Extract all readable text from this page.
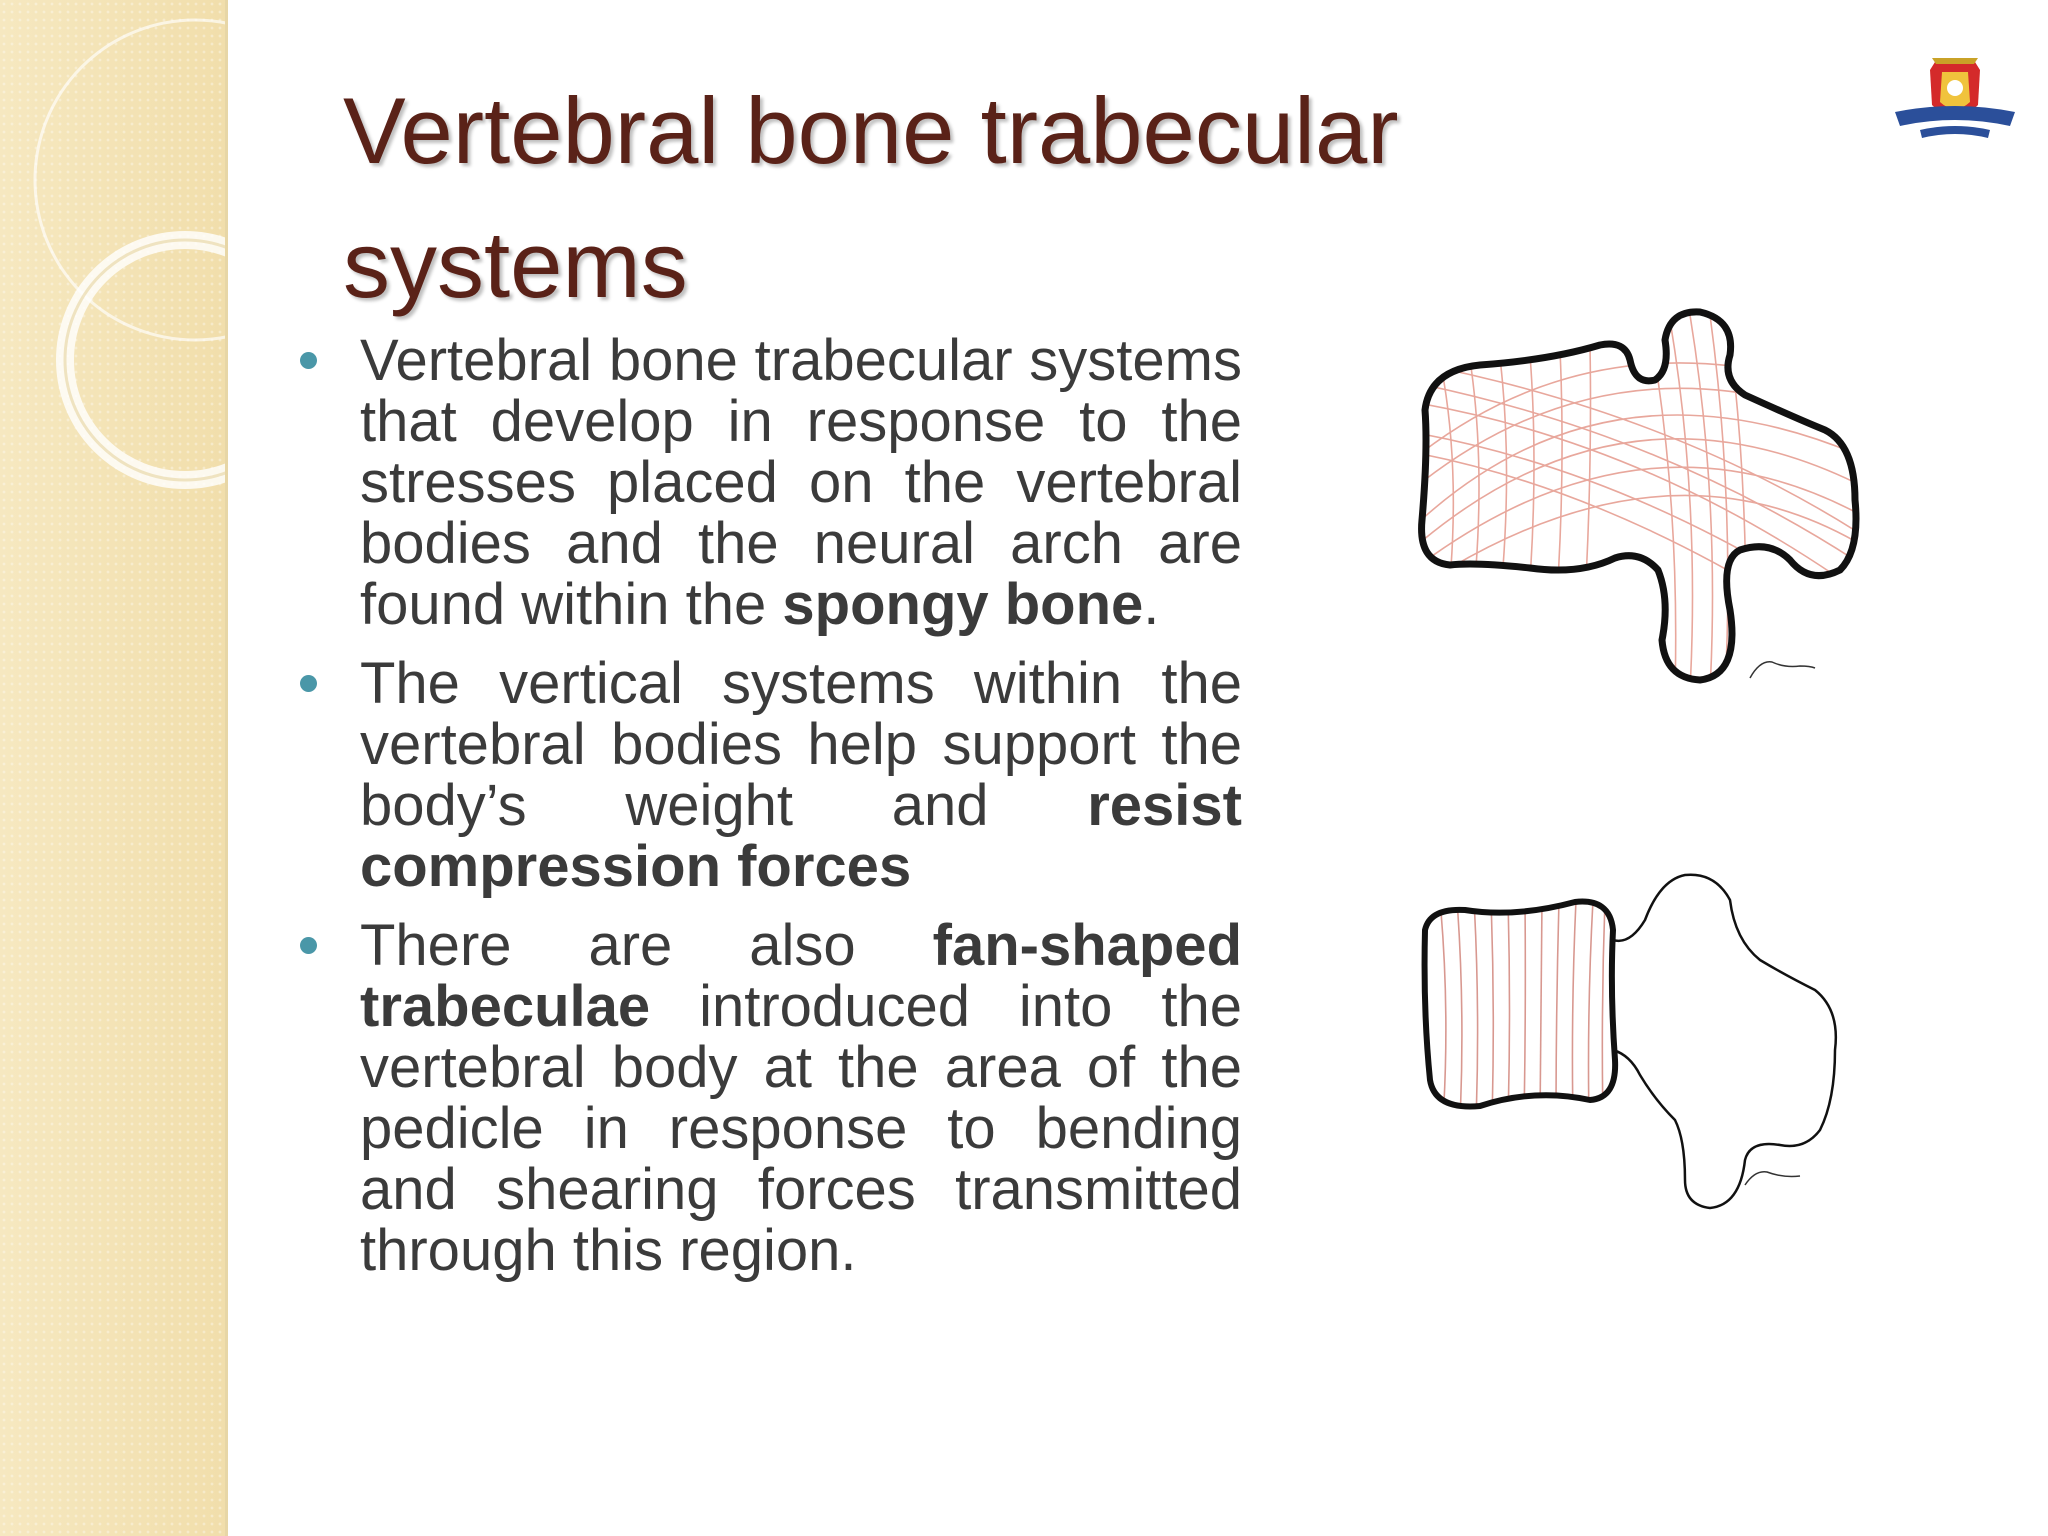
Vertebral bone trabecular systems
Vertebral bone trabecular systems that develop in response to the stresses placed on the vertebral bodies and the neural arch are found within the spongy bone.
The vertical systems within the vertebral bodies help support the body’s weight and resist compression forces
There are also fan-shaped trabeculae introduced into the vertebral body at the area of the pedicle in response to bending and shearing forces transmitted through this region.
